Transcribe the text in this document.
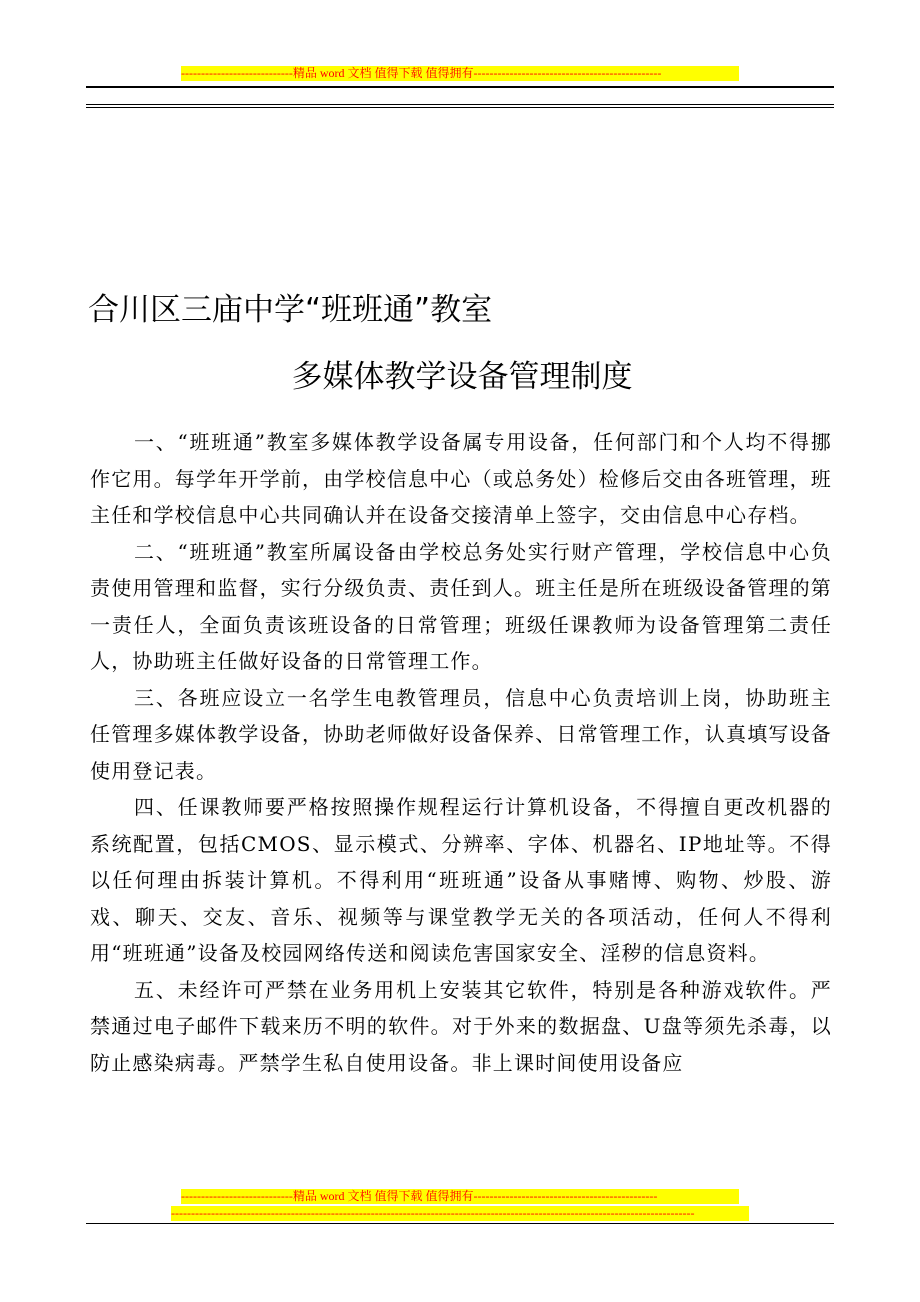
----------------------------精品 word 文档 值得下载 值得拥有-----------------------------------------------
合川区三庙中学“班班通”教室
多媒体教学设备管理制度

一、“班班通”教室多媒体教学设备属专用设备，任何部门和个人均不得挪作它用。每学年开学前，由学校信息中心（或总务处）检修后交由各班管理，班主任和学校信息中心共同确认并在设备交接清单上签字，交由信息中心存档。

二、“班班通”教室所属设备由学校总务处实行财产管理，学校信息中心负责使用管理和监督，实行分级负责、责任到人。班主任是所在班级设备管理的第一责任人，全面负责该班设备的日常管理；班级任课教师为设备管理第二责任人，协助班主任做好设备的日常管理工作。

三、各班应设立一名学生电教管理员，信息中心负责培训上岗，协助班主任管理多媒体教学设备，协助老师做好设备保养、日常管理工作，认真填写设备使用登记表。

四、任课教师要严格按照操作规程运行计算机设备，不得擅自更改机器的系统配置，包括CMOS、显示模式、分辨率、字体、机器名、IP地址等。不得以任何理由拆装计算机。不得利用“班班通”设备从事赌博、购物、炒股、游戏、聊天、交友、音乐、视频等与课堂教学无关的各项活动，任何人不得利用“班班通”设备及校园网络传送和阅读危害国家安全、淫秽的信息资料。

五、未经许可严禁在业务用机上安装其它软件，特别是各种游戏软件。严禁通过电子邮件下载来历不明的软件。对于外来的数据盘、U盘等须先杀毒，以防止感染病毒。严禁学生私自使用设备。非上课时间使用设备应

----------------------------精品 word 文档 值得下载 值得拥有----------------------------------------------
-----------------------------------------------------------------------------------------------------------------------------------
